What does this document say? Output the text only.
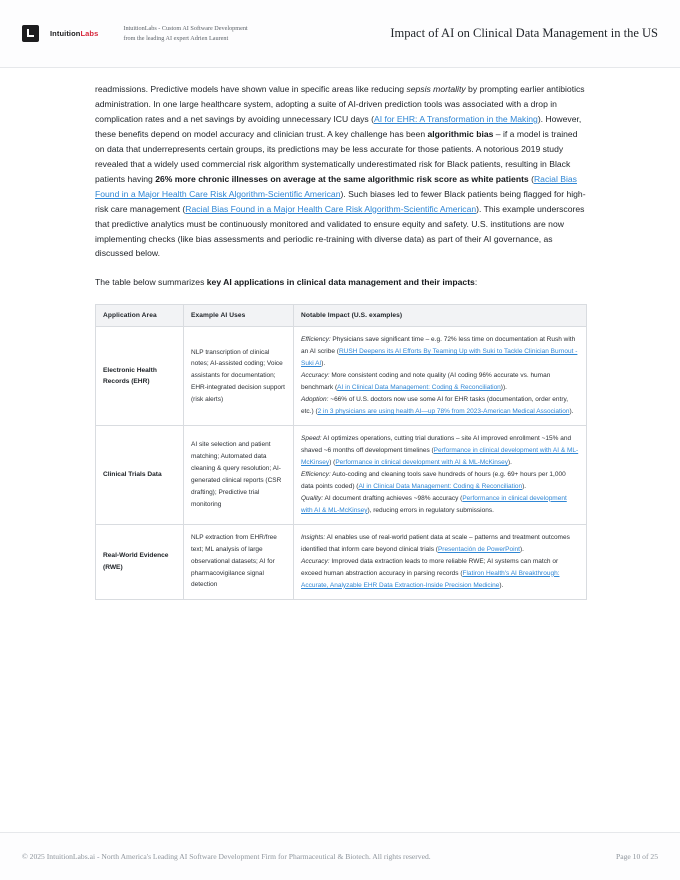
IntuitionLabs
IntuitionLabs - Custom AI Software Development
from the leading AI expert Adrien Laurent	Impact of AI on Clinical Data Management in the US

readmissions. Predictive models have shown value in specific areas like reducing sepsis mortality by prompting earlier antibiotics administration. In one large healthcare system, adopting a suite of AI-driven prediction tools was associated with a drop in complication rates and a net savings by avoiding unnecessary ICU days (AI for EHR: A Transformation in the Making). However, these benefits depend on model accuracy and clinician trust. A key challenge has been algorithmic bias – if a model is trained on data that underrepresents certain groups, its predictions may be less accurate for those patients. A notorious 2019 study revealed that a widely used commercial risk algorithm systematically underestimated risk for Black patients, resulting in Black patients having 26% more chronic illnesses on average at the same algorithmic risk score as white patients (Racial Bias Found in a Major Health Care Risk Algorithm-Scientific American). Such biases led to fewer Black patients being flagged for high-risk care management (Racial Bias Found in a Major Health Care Risk Algorithm-Scientific American). This example underscores that predictive analytics must be continuously monitored and validated to ensure equity and safety. U.S. institutions are now implementing checks (like bias assessments and periodic re-training with diverse data) as part of their AI governance, as discussed below.

The table below summarizes key AI applications in clinical data management and their impacts:

Application Area	Example AI Uses	Notable Impact (U.S. examples)
Electronic Health Records (EHR)	NLP transcription of clinical notes; AI-assisted coding; Voice assistants for documentation; EHR-integrated decision support (risk alerts)	Efficiency: Physicians save significant time – e.g. 72% less time on documentation at Rush with an AI scribe (RUSH Deepens its AI Efforts By Teaming Up with Suki to Tackle Clinician Burnout - Suki AI).
Accuracy: More consistent coding and note quality (AI coding 96% accurate vs. human benchmark (AI in Clinical Data Management: Coding & Reconciliation)).
Adoption: ~66% of U.S. doctors now use some AI for EHR tasks (documentation, order entry, etc.) (2 in 3 physicians are using health AI—up 78% from 2023-American Medical Association).
Clinical Trials Data	AI site selection and patient matching; Automated data cleaning & query resolution; AI-generated clinical reports (CSR drafting); Predictive trial monitoring	Speed: AI optimizes operations, cutting trial durations – site AI improved enrollment ~15% and shaved ~6 months off development timelines (Performance in clinical development with AI & ML-McKinsey) (Performance in clinical development with AI & ML-McKinsey).
Efficiency: Auto-coding and cleaning tools save hundreds of hours (e.g. 69+ hours per 1,000 data points coded) (AI in Clinical Data Management: Coding & Reconciliation).
Quality: AI document drafting achieves ~98% accuracy (Performance in clinical development with AI & ML-McKinsey), reducing errors in regulatory submissions.
Real-World Evidence (RWE)	NLP extraction from EHR/free text; ML analysis of large observational datasets; AI for pharmacovigilance signal detection	Insights: AI enables use of real-world patient data at scale – patterns and treatment outcomes identified that inform care beyond clinical trials (Presentación de PowerPoint).
Accuracy: Improved data extraction leads to more reliable RWE; AI systems can match or exceed human abstraction accuracy in parsing records (Flatiron Health's AI Breakthrough: Accurate, Analyzable EHR Data Extraction-Inside Precision Medicine).
© 2025 IntuitionLabs.ai - North America's Leading AI Software Development Firm for Pharmaceutical & Biotech. All rights reserved.	Page 10 of 25
